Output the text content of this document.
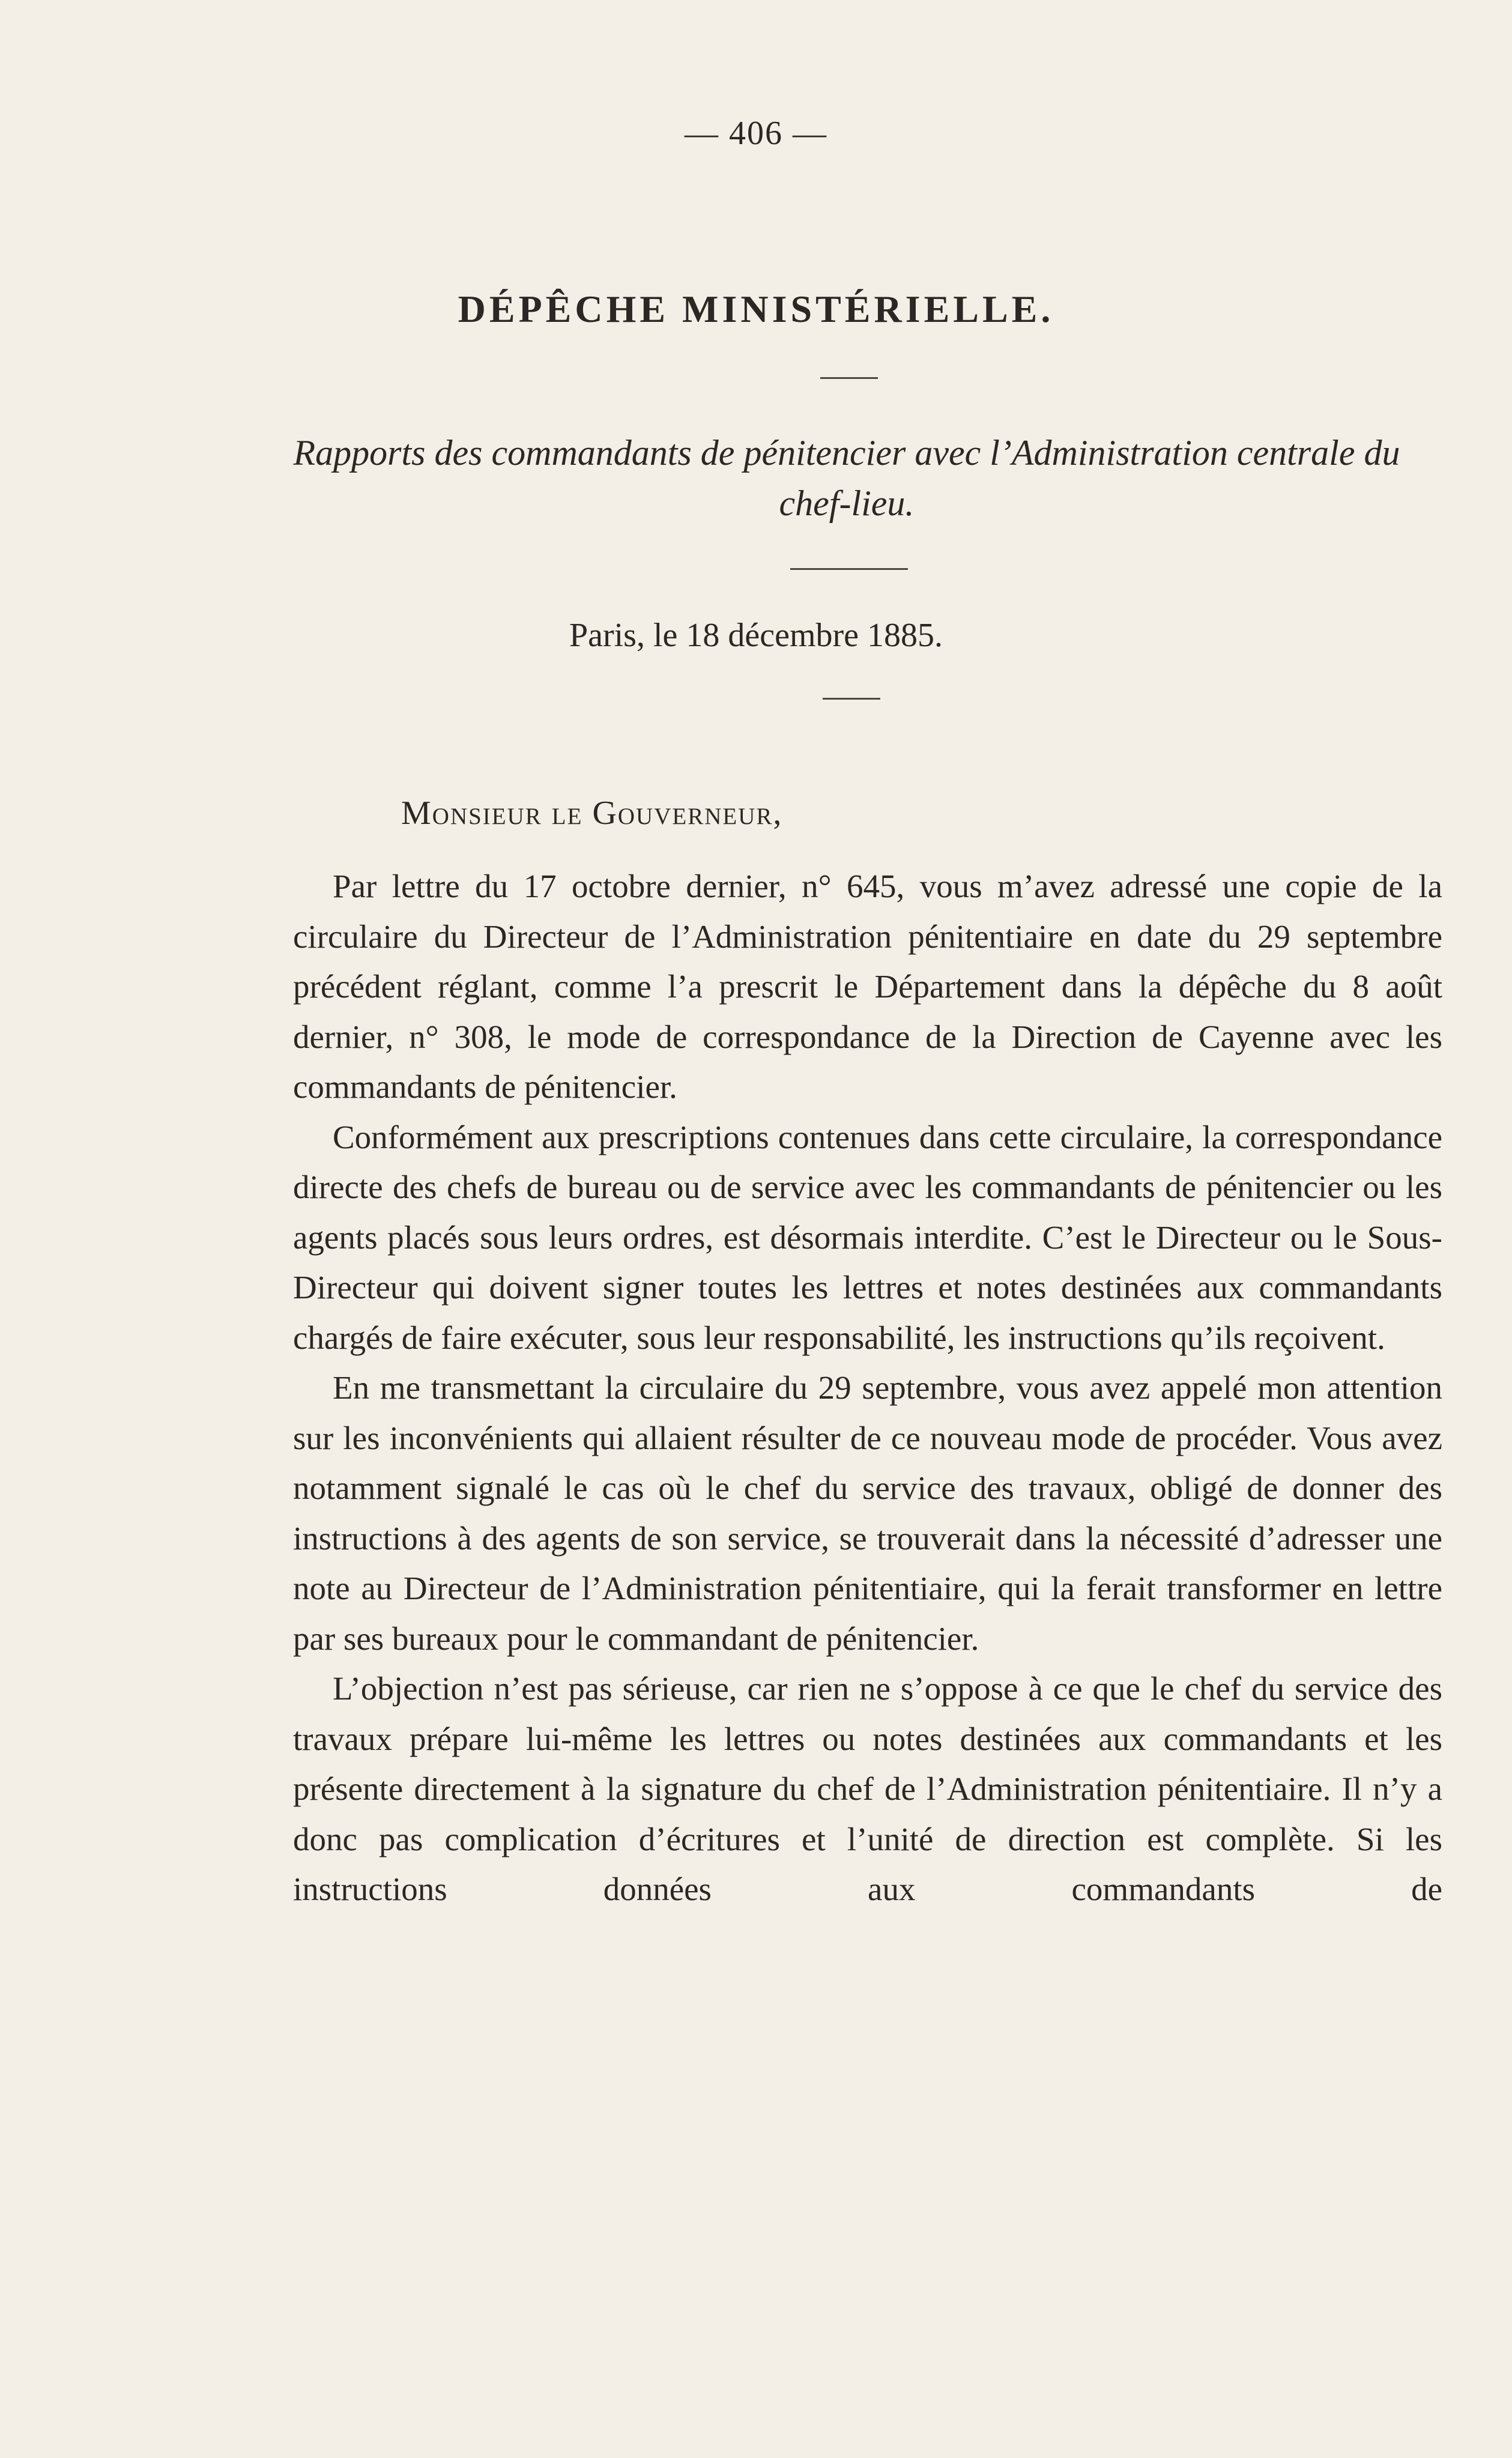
— 406 —
DÉPÊCHE MINISTÉRIELLE.
Rapports des commandants de pénitencier avec l’Administration centrale du chef-lieu.
Paris, le 18 décembre 1885.
Monsieur le Gouverneur,

Par lettre du 17 octobre dernier, n° 645, vous m’avez adressé une copie de la circulaire du Directeur de l’Administration pénitentiaire en date du 29 septembre précédent réglant, comme l’a prescrit le Département dans la dépêche du 8 août dernier, n° 308, le mode de correspondance de la Direction de Cayenne avec les commandants de pénitencier.

Conformément aux prescriptions contenues dans cette circulaire, la correspondance directe des chefs de bureau ou de service avec les commandants de pénitencier ou les agents placés sous leurs ordres, est désormais interdite. C’est le Directeur ou le Sous-Directeur qui doivent signer toutes les lettres et notes destinées aux commandants chargés de faire exécuter, sous leur responsabilité, les instructions qu’ils reçoivent.

En me transmettant la circulaire du 29 septembre, vous avez appelé mon attention sur les inconvénients qui allaient résulter de ce nouveau mode de procéder. Vous avez notamment signalé le cas où le chef du service des travaux, obligé de donner des instructions à des agents de son service, se trouverait dans la nécessité d’adresser une note au Directeur de l’Administration pénitentiaire, qui la ferait transformer en lettre par ses bureaux pour le commandant de pénitencier.

L’objection n’est pas sérieuse, car rien ne s’oppose à ce que le chef du service des travaux prépare lui-même les lettres ou notes destinées aux commandants et les présente directement à la signature du chef de l’Administration pénitentiaire. Il n’y a donc pas complication d’écritures et l’unité de direction est complète. Si les instructions données aux commandants de
